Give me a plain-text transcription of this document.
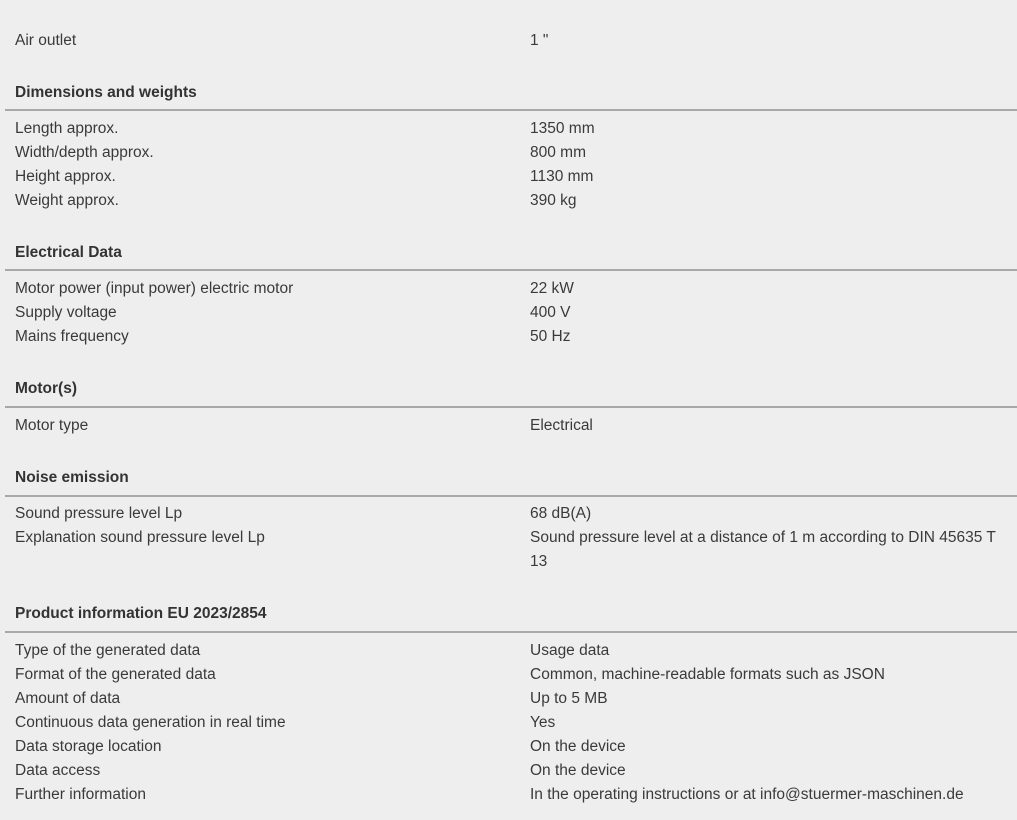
Air outlet	1 "
Dimensions and weights
Length approx.	1350 mm
Width/depth approx.	800 mm
Height approx.	1130 mm
Weight approx.	390 kg
Electrical Data
Motor power (input power) electric motor	22 kW
Supply voltage	400 V
Mains frequency	50 Hz
Motor(s)
Motor type	Electrical
Noise emission
Sound pressure level Lp	68 dB(A)
Explanation sound pressure level Lp	Sound pressure level at a distance of 1 m according to DIN 45635 T 13
Product information EU 2023/2854
Type of the generated data	Usage data
Format of the generated data	Common, machine-readable formats such as JSON
Amount of data	Up to 5 MB
Continuous data generation in real time	Yes
Data storage location	On the device
Data access	On the device
Further information	In the operating instructions or at info@stuermer-maschinen.de
